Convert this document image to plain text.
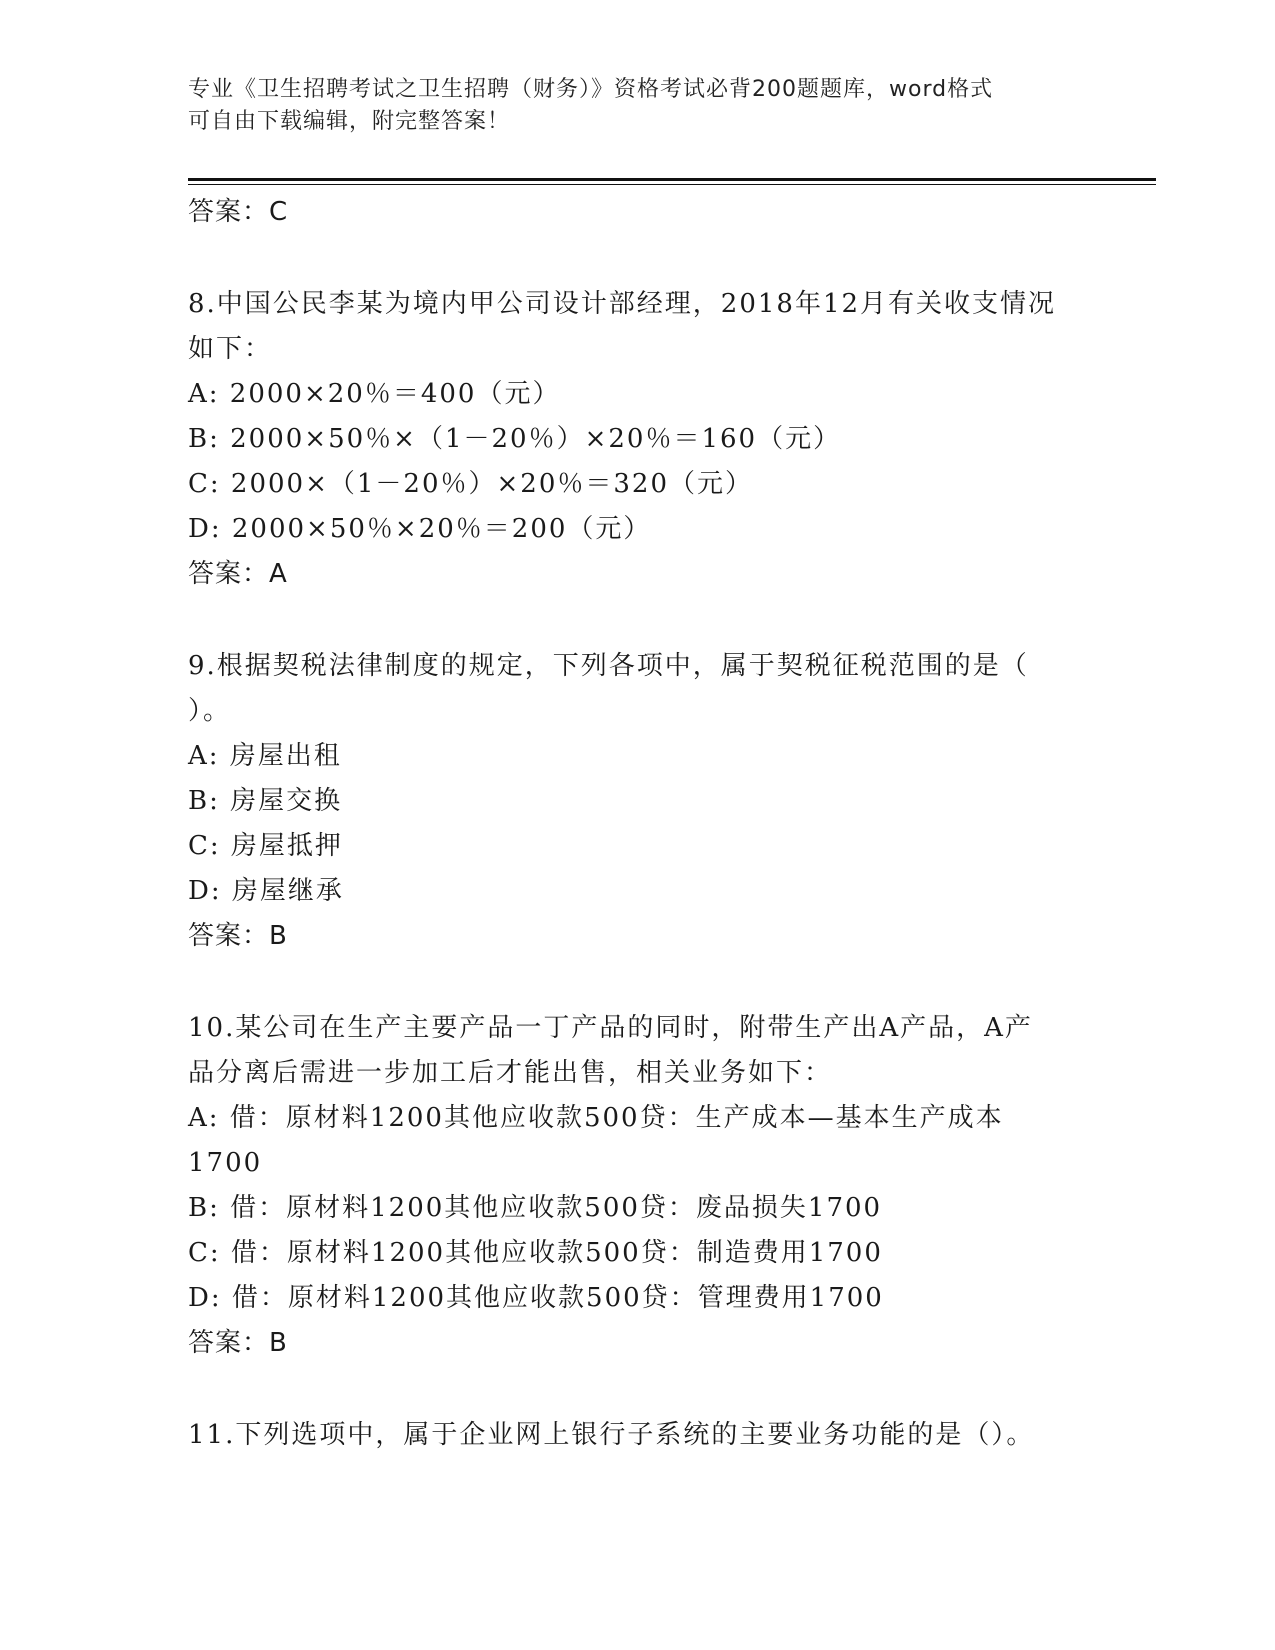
专业《卫生招聘考试之卫生招聘（财务）》资格考试必背200题题库，word格式
可自由下载编辑，附完整答案！
答案：C
8.中国公民李某为境内甲公司设计部经理，2018年12月有关收支情况
如下：
A: 2000×20％＝400（元）
B: 2000×50％×（1－20％）×20％＝160（元）
C: 2000×（1－20％）×20％＝320（元）
D: 2000×50％×20％＝200（元）
答案：A
9.根据契税法律制度的规定，下列各项中，属于契税征税范围的是（
）。
A: 房屋出租
B: 房屋交换
C: 房屋抵押
D: 房屋继承
答案：B
10.某公司在生产主要产品一丁产品的同时，附带生产出A产品，A产
品分离后需进一步加工后才能出售，相关业务如下：
A: 借：原材料1200其他应收款500贷：生产成本—基本生产成本
1700
B: 借：原材料1200其他应收款500贷：废品损失1700
C: 借：原材料1200其他应收款500贷：制造费用1700
D: 借：原材料1200其他应收款500贷：管理费用1700
答案：B
11.下列选项中，属于企业网上银行子系统的主要业务功能的是（）。
